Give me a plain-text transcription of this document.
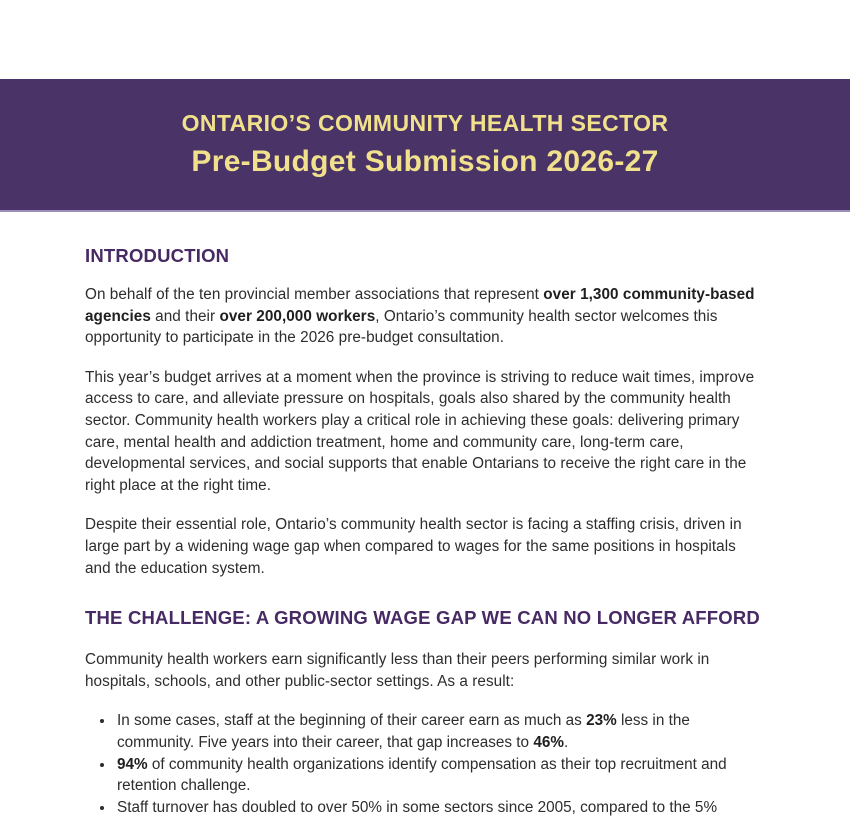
ONTARIO’S COMMUNITY HEALTH SECTOR
Pre-Budget Submission 2026-27
INTRODUCTION

On behalf of the ten provincial member associations that represent over 1,300 community-based agencies and their over 200,000 workers, Ontario’s community health sector welcomes this opportunity to participate in the 2026 pre-budget consultation.

This year’s budget arrives at a moment when the province is striving to reduce wait times, improve access to care, and alleviate pressure on hospitals, goals also shared by the community health sector. Community health workers play a critical role in achieving these goals: delivering primary care, mental health and addiction treatment, home and community care, long-term care, developmental services, and social supports that enable Ontarians to receive the right care in the right place at the right time.

Despite their essential role, Ontario’s community health sector is facing a staffing crisis, driven in large part by a widening wage gap when compared to wages for the same positions in hospitals and the education system.

THE CHALLENGE: A GROWING WAGE GAP WE CAN NO LONGER AFFORD

Community health workers earn significantly less than their peers performing similar work in hospitals, schools, and other public-sector settings. As a result:

• In some cases, staff at the beginning of their career earn as much as 23% less in the community. Five years into their career, that gap increases to 46%.
• 94% of community health organizations identify compensation as their top recruitment and retention challenge.
• Staff turnover has doubled to over 50% in some sectors since 2005, compared to the 5%
